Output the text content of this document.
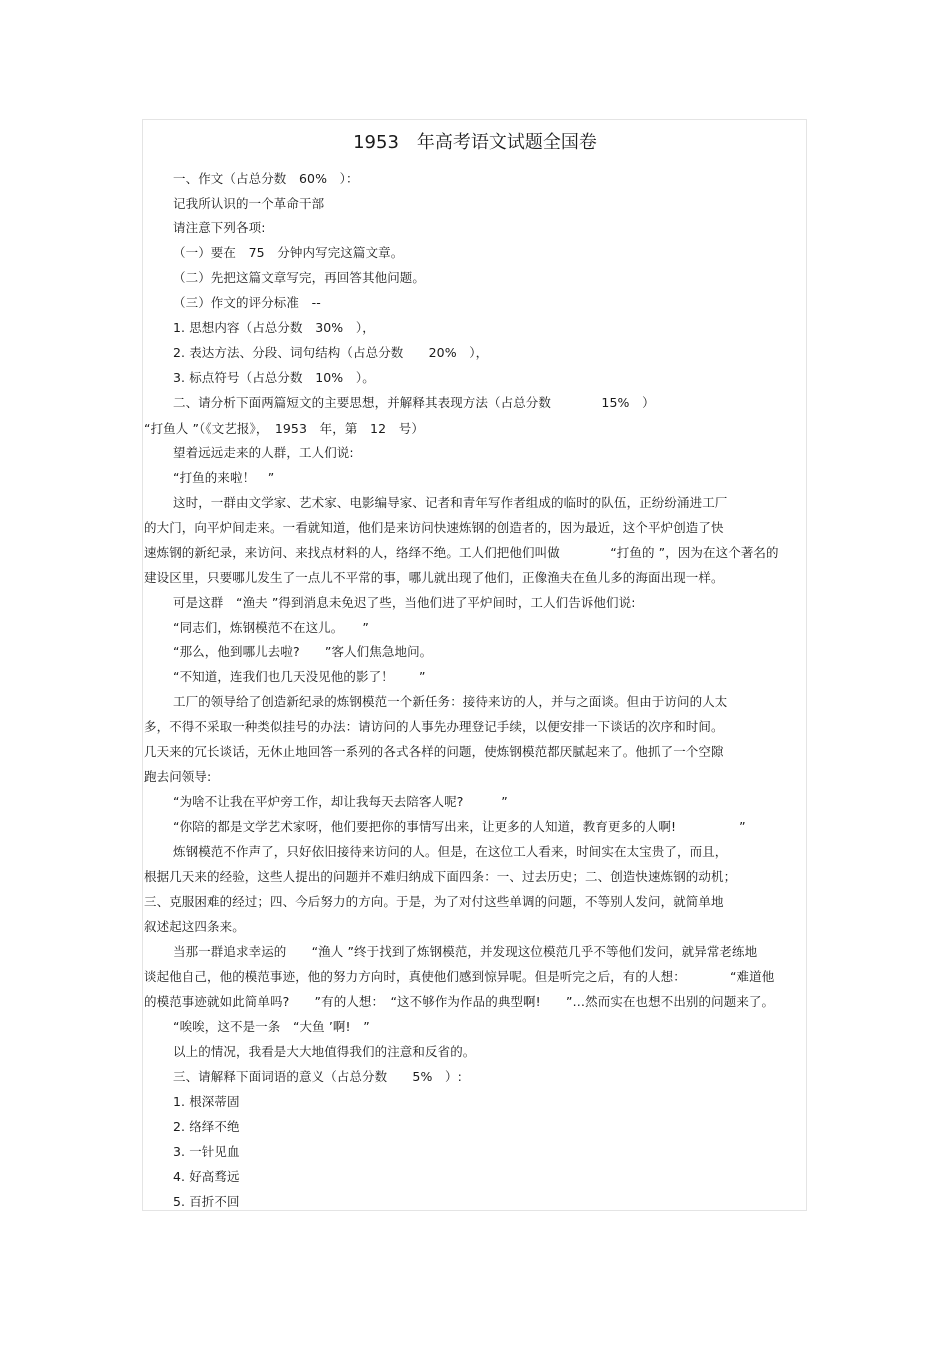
1953　年高考语文试题全国卷
一、作文（占总分数　60%　）：
记我所认识的一个革命干部
请注意下列各项:
（一）要在　75　分钟内写完这篇文章。
（二）先把这篇文章写完，再回答其他问题。
（三）作文的评分标准　--
1. 思想内容（占总分数　30%　），
2. 表达方法、分段、词句结构（占总分数　　20%　），
3. 标点符号（占总分数　10%　）。
二、请分析下面两篇短文的主要思想，并解释其表现方法（占总分数　　　　15%　）
“打鱼人 ”（《文艺报》，　1953　年，第　12　号）
望着远远走来的人群，工人们说:
“打鱼的来啦！　”
这时，一群由文学家、艺术家、电影编导家、记者和青年写作者组成的临时的队伍，正纷纷涌进工厂
的大门，向平炉间走来。一看就知道，他们是来访问快速炼钢的创造者的，因为最近，这个平炉创造了快
速炼钢的新纪录，来访问、来找点材料的人，络绎不绝。工人们把他们叫做　　　　“打鱼的 ”，因为在这个著名的
建设区里，只要哪儿发生了一点儿不平常的事，哪儿就出现了他们，正像渔夫在鱼儿多的海面出现一样。
可是这群　“渔夫 ”得到消息未免迟了些，当他们进了平炉间时，工人们告诉他们说:
“同志们，炼钢模范不在这儿。　　”
“那么，他到哪儿去啦?　　”客人们焦急地问。
“不知道，连我们也几天没见他的影了！　　”
工厂的领导给了创造新纪录的炼钢模范一个新任务：接待来访的人，并与之面谈。但由于访问的人太
多，不得不采取一种类似挂号的办法：请访问的人事先办理登记手续，以便安排一下谈话的次序和时间。
几天来的冗长谈话，无休止地回答一系列的各式各样的问题，使炼钢模范都厌腻起来了。他抓了一个空隙
跑去问领导:
“为啥不让我在平炉旁工作，却让我每天去陪客人呢?　　　”
“你陪的都是文学艺术家呀，他们要把你的事情写出来，让更多的人知道，教育更多的人啊!　　　　　”
炼钢模范不作声了，只好依旧接待来访问的人。但是，在这位工人看来，时间实在太宝贵了，而且，
根据几天来的经验，这些人提出的问题并不难归纳成下面四条：一、过去历史；二、创造快速炼钢的动机；
三、克服困难的经过；四、今后努力的方向。于是，为了对付这些单调的问题，不等别人发问，就简单地
叙述起这四条来。
当那一群追求幸运的　　“渔人 ”终于找到了炼钢模范，并发现这位模范几乎不等他们发问，就异常老练地
谈起他自己，他的模范事迹，他的努力方向时，真使他们感到惊异呢。但是听完之后，有的人想：　　　　“难道他
的模范事迹就如此简单吗?　　”有的人想：　“这不够作为作品的典型啊!　　”…然而实在也想不出别的问题来了。
“唉唉，这不是一条　“大鱼 ’啊!　”
以上的情况，我看是大大地值得我们的注意和反省的。
三、请解释下面词语的意义（占总分数　　5%　）:
1. 根深蒂固
2. 络绎不绝
3. 一针见血
4. 好高骛远
5. 百折不回
